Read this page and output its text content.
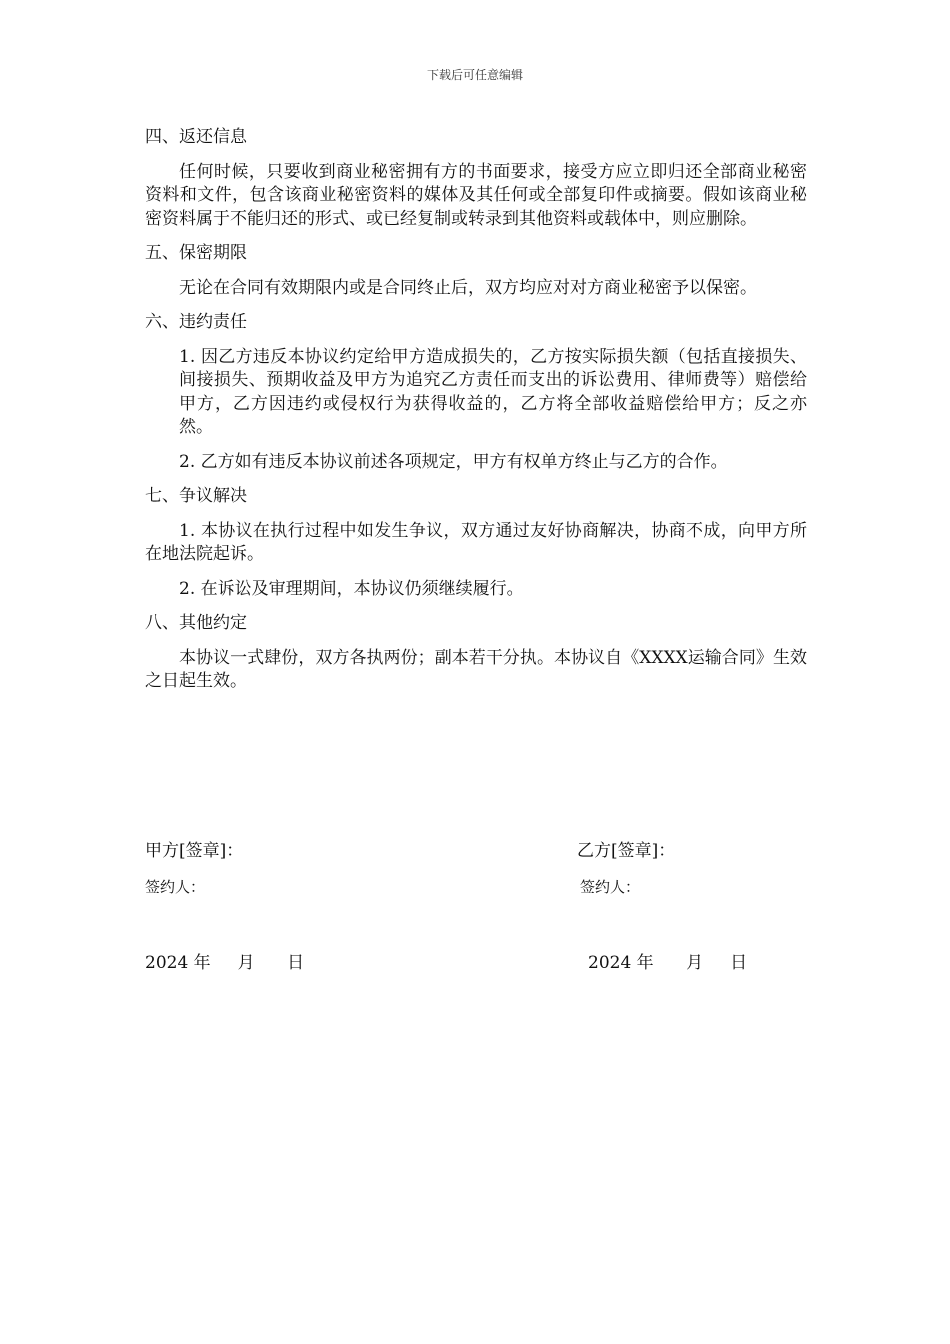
下载后可任意编辑
四、返还信息
任何时候，只要收到商业秘密拥有方的书面要求，接受方应立即归还全部商业秘密资料和文件，包含该商业秘密资料的媒体及其任何或全部复印件或摘要。假如该商业秘密资料属于不能归还的形式、或已经复制或转录到其他资料或载体中，则应删除。
五、保密期限
无论在合同有效期限内或是合同终止后，双方均应对对方商业秘密予以保密。
六、违约责任
1. 因乙方违反本协议约定给甲方造成损失的，乙方按实际损失额（包括直接损失、间接损失、预期收益及甲方为追究乙方责任而支出的诉讼费用、律师费等）赔偿给甲方，乙方因违约或侵权行为获得收益的，乙方将全部收益赔偿给甲方；反之亦然。
2. 乙方如有违反本协议前述各项规定，甲方有权单方终止与乙方的合作。
七、争议解决
1. 本协议在执行过程中如发生争议，双方通过友好协商解决，协商不成，向甲方所在地法院起诉。
2. 在诉讼及审理期间，本协议仍须继续履行。
八、其他约定
本协议一式肆份，双方各执两份；副本若干分执。本协议自《XXXX运输合同》生效之日起生效。
甲方[签章]：	乙方[签章]：
签约人：	签约人：
2024 年     月      日	2024 年      月     日
